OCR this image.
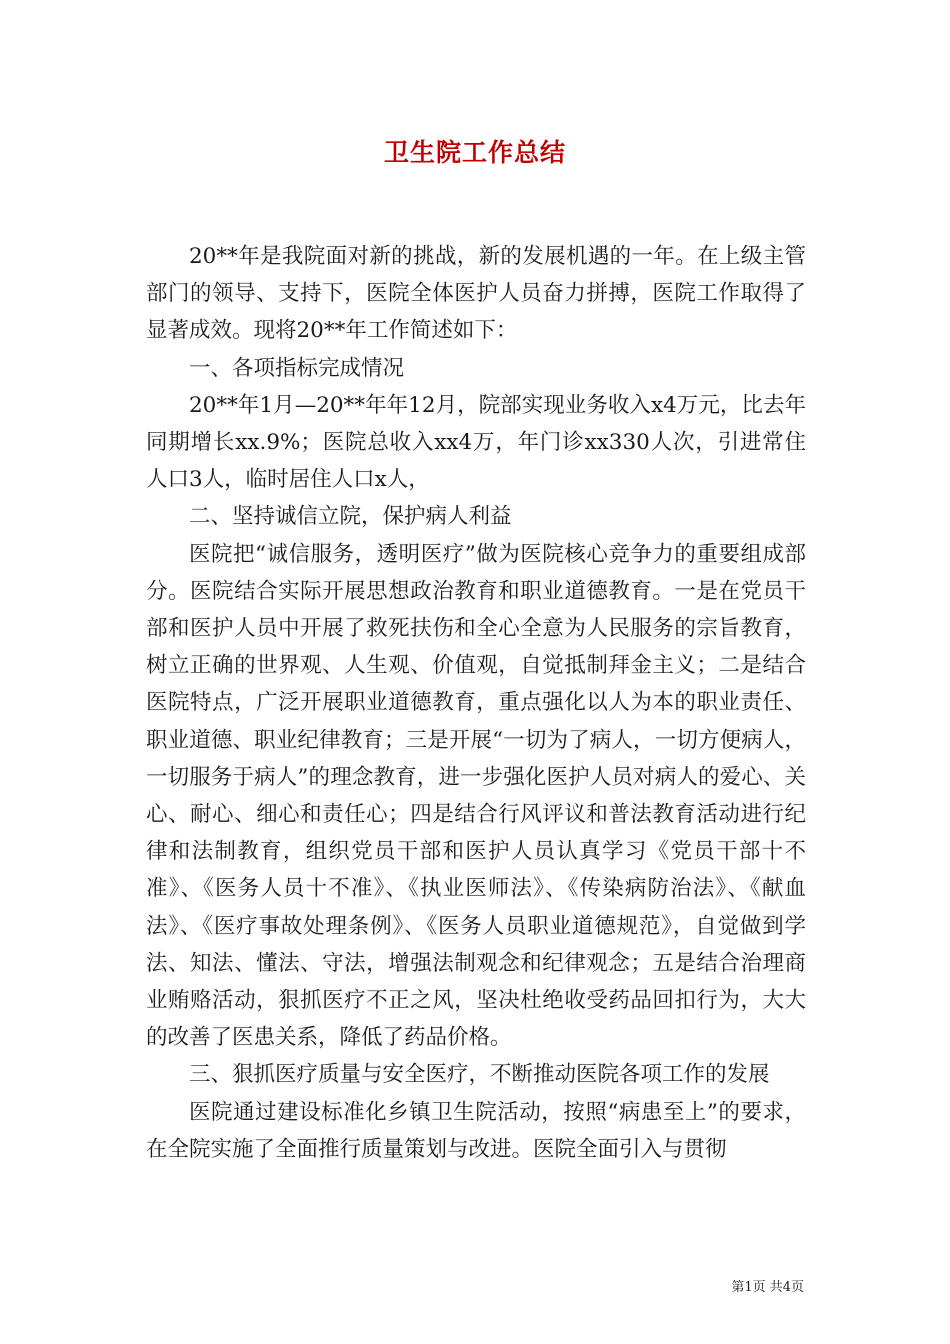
卫生院工作总结

20**年是我院面对新的挑战，新的发展机遇的一年。在上级主管部门的领导、支持下，医院全体医护人员奋力拼搏，医院工作取得了显著成效。现将20**年工作简述如下：

一、各项指标完成情况

20**年1月—20**年年12月，院部实现业务收入x4万元，比去年同期增长xx.9%；医院总收入xx4万，年门诊xx330人次，引进常住人口3人，临时居住人口x人，

二、坚持诚信立院，保护病人利益

医院把“诚信服务，透明医疗”做为医院核心竞争力的重要组成部分。医院结合实际开展思想政治教育和职业道德教育。一是在党员干部和医护人员中开展了救死扶伤和全心全意为人民服务的宗旨教育，树立正确的世界观、人生观、价值观，自觉抵制拜金主义；二是结合医院特点，广泛开展职业道德教育，重点强化以人为本的职业责任、职业道德、职业纪律教育；三是开展“一切为了病人，一切方便病人，一切服务于病人”的理念教育，进一步强化医护人员对病人的爱心、关心、耐心、细心和责任心；四是结合行风评议和普法教育活动进行纪律和法制教育，组织党员干部和医护人员认真学习《党员干部十不准》、《医务人员十不准》、《执业医师法》、《传染病防治法》、《献血法》、《医疗事故处理条例》、《医务人员职业道德规范》，自觉做到学法、知法、懂法、守法，增强法制观念和纪律观念；五是结合治理商业贿赂活动，狠抓医疗不正之风，坚决杜绝收受药品回扣行为，大大的改善了医患关系，降低了药品价格。

三、狠抓医疗质量与安全医疗，不断推动医院各项工作的发展

医院通过建设标准化乡镇卫生院活动，按照“病患至上”的要求，在全院实施了全面推行质量策划与改进。医院全面引入与贯彻

第1页 共4页
